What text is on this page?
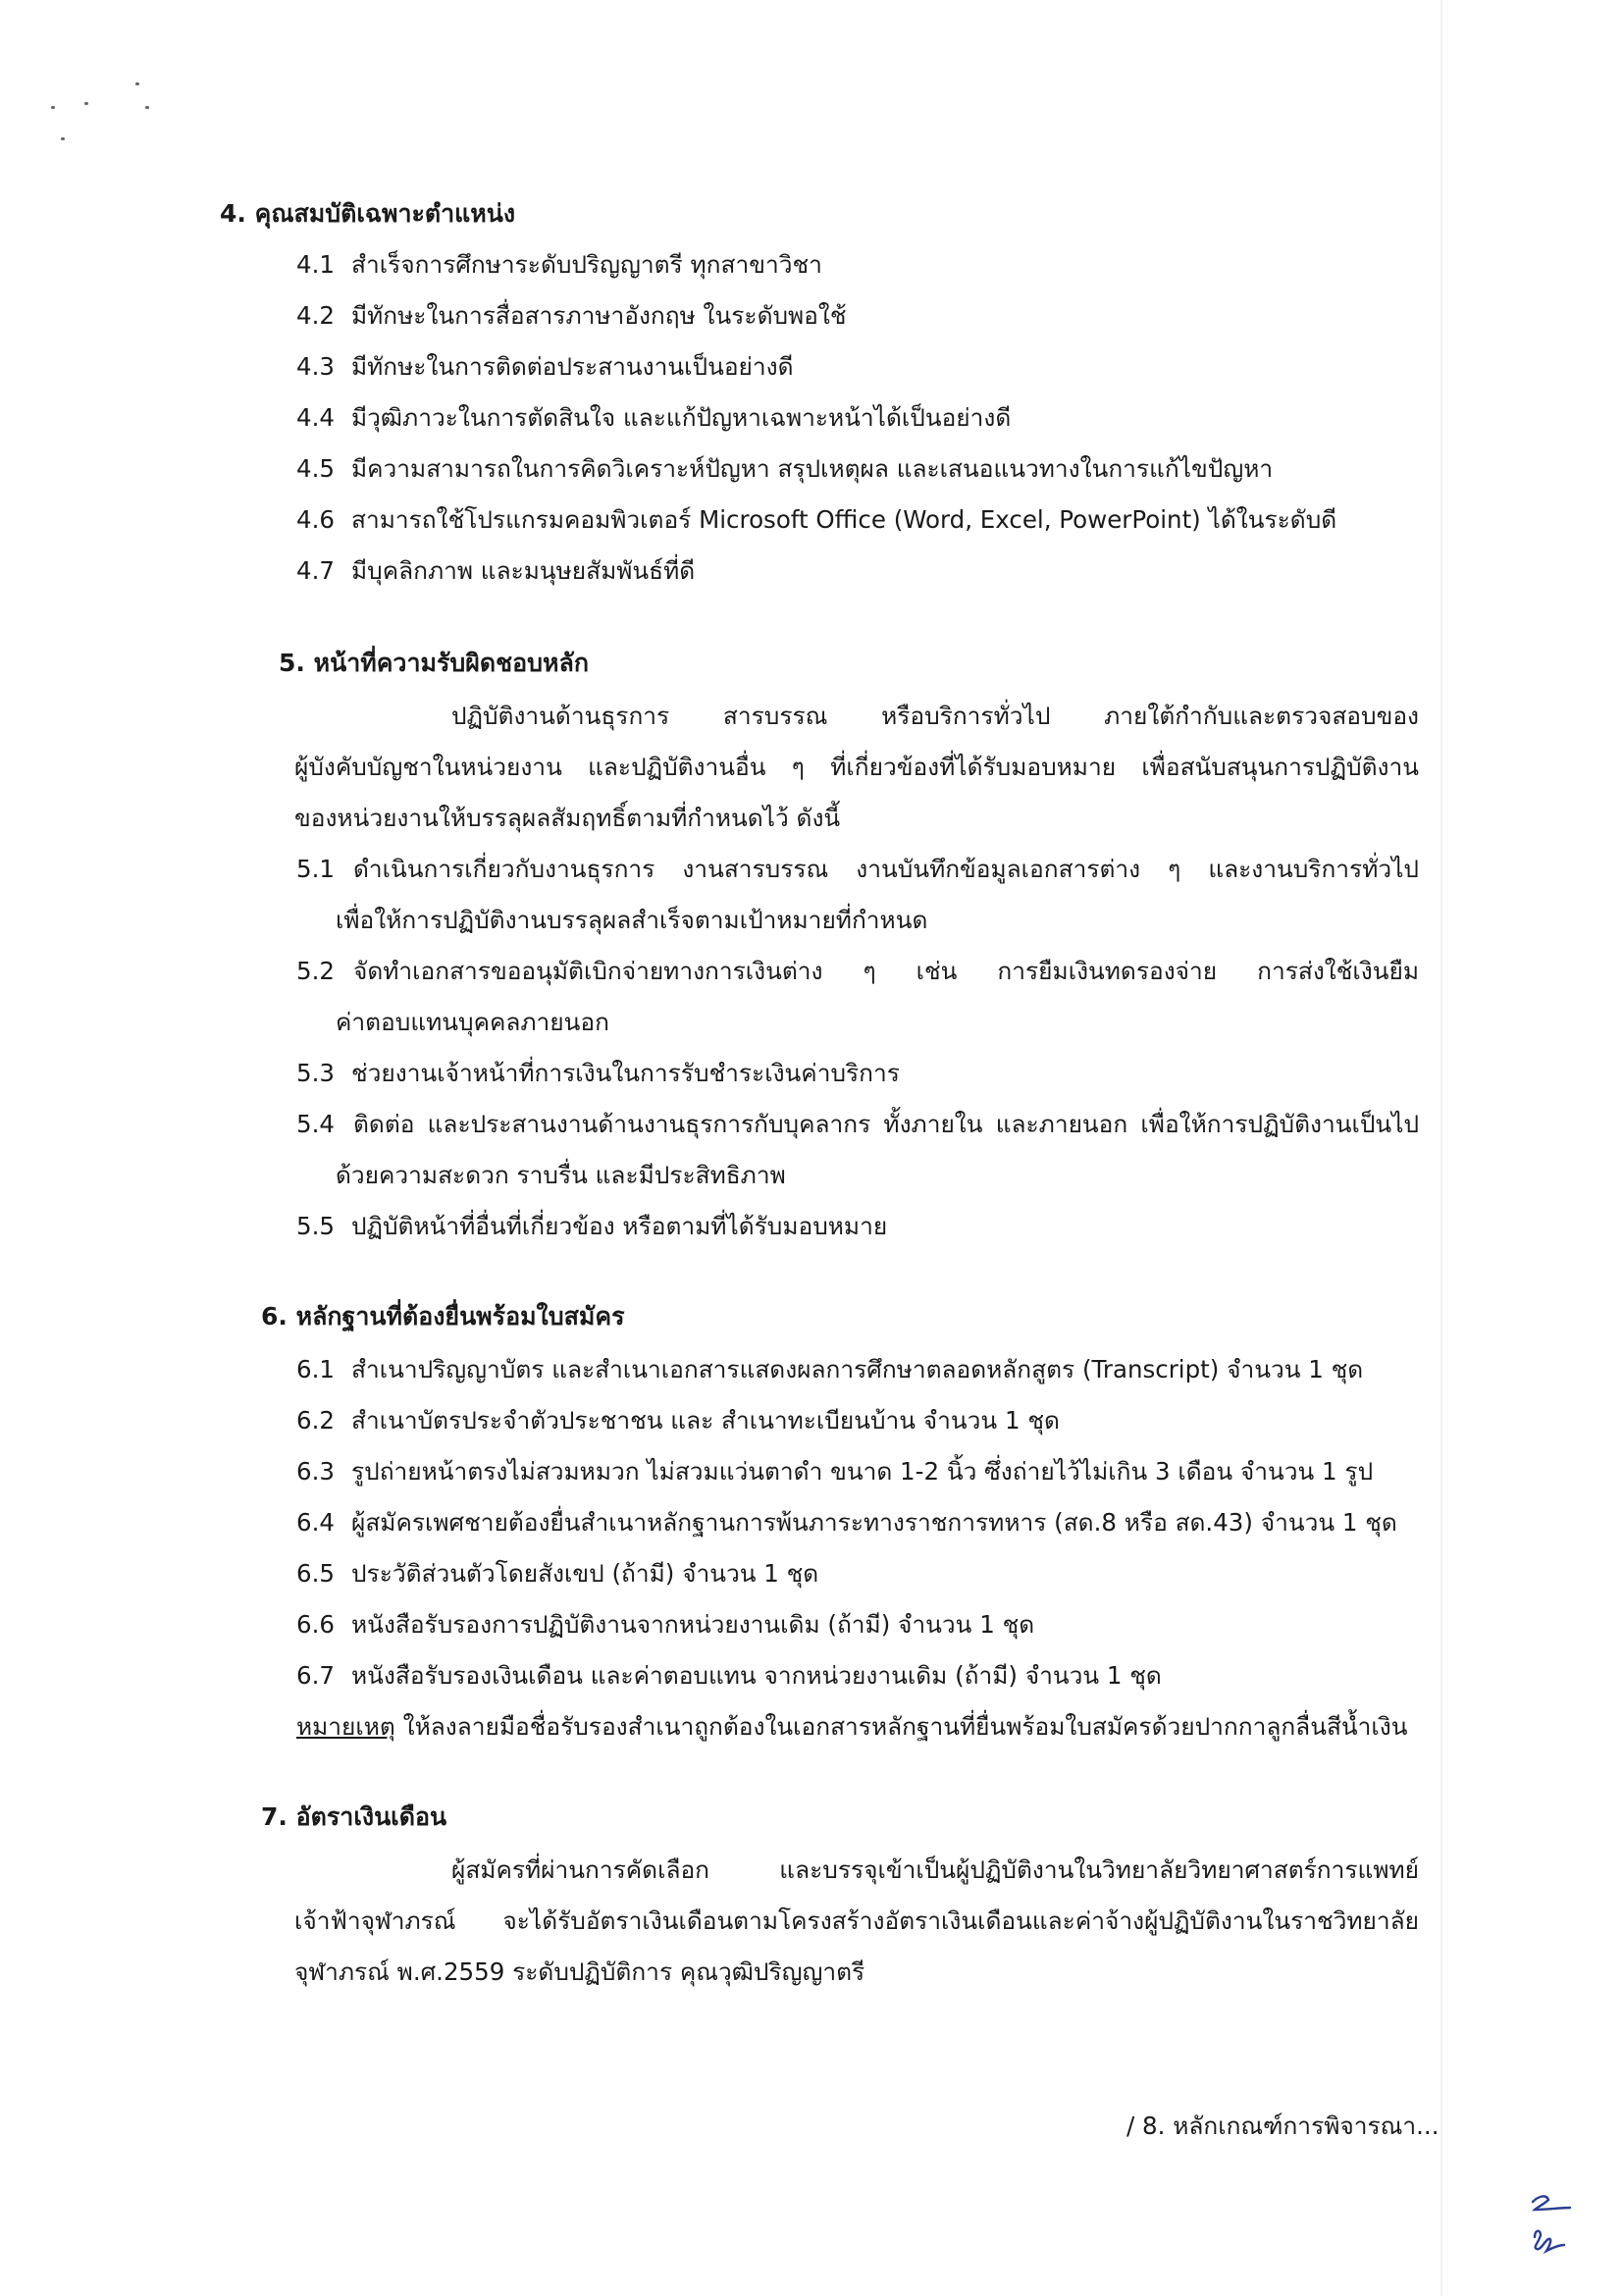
4. คุณสมบัติเฉพาะตำแหน่ง
4.1 สำเร็จการศึกษาระดับปริญญาตรี ทุกสาขาวิชา
4.2 มีทักษะในการสื่อสารภาษาอังกฤษ ในระดับพอใช้
4.3 มีทักษะในการติดต่อประสานงานเป็นอย่างดี
4.4 มีวุฒิภาวะในการตัดสินใจ และแก้ปัญหาเฉพาะหน้าได้เป็นอย่างดี
4.5 มีความสามารถในการคิดวิเคราะห์ปัญหา สรุปเหตุผล และเสนอแนวทางในการแก้ไขปัญหา
4.6 สามารถใช้โปรแกรมคอมพิวเตอร์ Microsoft Office (Word, Excel, PowerPoint) ได้ในระดับดี
4.7 มีบุคลิกภาพ และมนุษยสัมพันธ์ที่ดี
5. หน้าที่ความรับผิดชอบหลัก
ปฏิบัติงานด้านธุรการ สารบรรณ หรือบริการทั่วไป ภายใต้กำกับและตรวจสอบของ
ผู้บังคับบัญชาในหน่วยงาน และปฏิบัติงานอื่น ๆ ที่เกี่ยวข้องที่ได้รับมอบหมาย เพื่อสนับสนุนการปฏิบัติงาน
ของหน่วยงานให้บรรลุผลสัมฤทธิ์ตามที่กำหนดไว้ ดังนี้
5.1 ดำเนินการเกี่ยวกับงานธุรการ งานสารบรรณ งานบันทึกข้อมูลเอกสารต่าง ๆ และงานบริการทั่วไป
เพื่อให้การปฏิบัติงานบรรลุผลสำเร็จตามเป้าหมายที่กำหนด
5.2 จัดทำเอกสารขออนุมัติเบิกจ่ายทางการเงินต่าง ๆ เช่น การยืมเงินทดรองจ่าย การส่งใช้เงินยืม
ค่าตอบแทนบุคคลภายนอก
5.3 ช่วยงานเจ้าหน้าที่การเงินในการรับชำระเงินค่าบริการ
5.4 ติดต่อ และประสานงานด้านงานธุรการกับบุคลากร ทั้งภายใน และภายนอก เพื่อให้การปฏิบัติงานเป็นไป
ด้วยความสะดวก ราบรื่น และมีประสิทธิภาพ
5.5 ปฏิบัติหน้าที่อื่นที่เกี่ยวข้อง หรือตามที่ได้รับมอบหมาย
6. หลักฐานที่ต้องยื่นพร้อมใบสมัคร
6.1 สำเนาปริญญาบัตร และสำเนาเอกสารแสดงผลการศึกษาตลอดหลักสูตร (Transcript) จำนวน 1 ชุด
6.2 สำเนาบัตรประจำตัวประชาชน และ สำเนาทะเบียนบ้าน จำนวน 1 ชุด
6.3 รูปถ่ายหน้าตรงไม่สวมหมวก ไม่สวมแว่นตาดำ ขนาด 1-2 นิ้ว ซึ่งถ่ายไว้ไม่เกิน 3 เดือน จำนวน 1 รูป
6.4 ผู้สมัครเพศชายต้องยื่นสำเนาหลักฐานการพ้นภาระทางราชการทหาร (สด.8 หรือ สด.43) จำนวน 1 ชุด
6.5 ประวัติส่วนตัวโดยสังเขป (ถ้ามี) จำนวน 1 ชุด
6.6 หนังสือรับรองการปฏิบัติงานจากหน่วยงานเดิม (ถ้ามี) จำนวน 1 ชุด
6.7 หนังสือรับรองเงินเดือน และค่าตอบแทน จากหน่วยงานเดิม (ถ้ามี) จำนวน 1 ชุด
หมายเหตุ ให้ลงลายมือชื่อรับรองสำเนาถูกต้องในเอกสารหลักฐานที่ยื่นพร้อมใบสมัครด้วยปากกาลูกลื่นสีน้ำเงิน
7. อัตราเงินเดือน
ผู้สมัครที่ผ่านการคัดเลือก และบรรจุเข้าเป็นผู้ปฏิบัติงานในวิทยาลัยวิทยาศาสตร์การแพทย์
เจ้าฟ้าจุฬาภรณ์ จะได้รับอัตราเงินเดือนตามโครงสร้างอัตราเงินเดือนและค่าจ้างผู้ปฏิบัติงานในราชวิทยาลัย
จุฬาภรณ์ พ.ศ.2559 ระดับปฏิบัติการ คุณวุฒิปริญญาตรี
/ 8. หลักเกณฑ์การพิจารณา...
